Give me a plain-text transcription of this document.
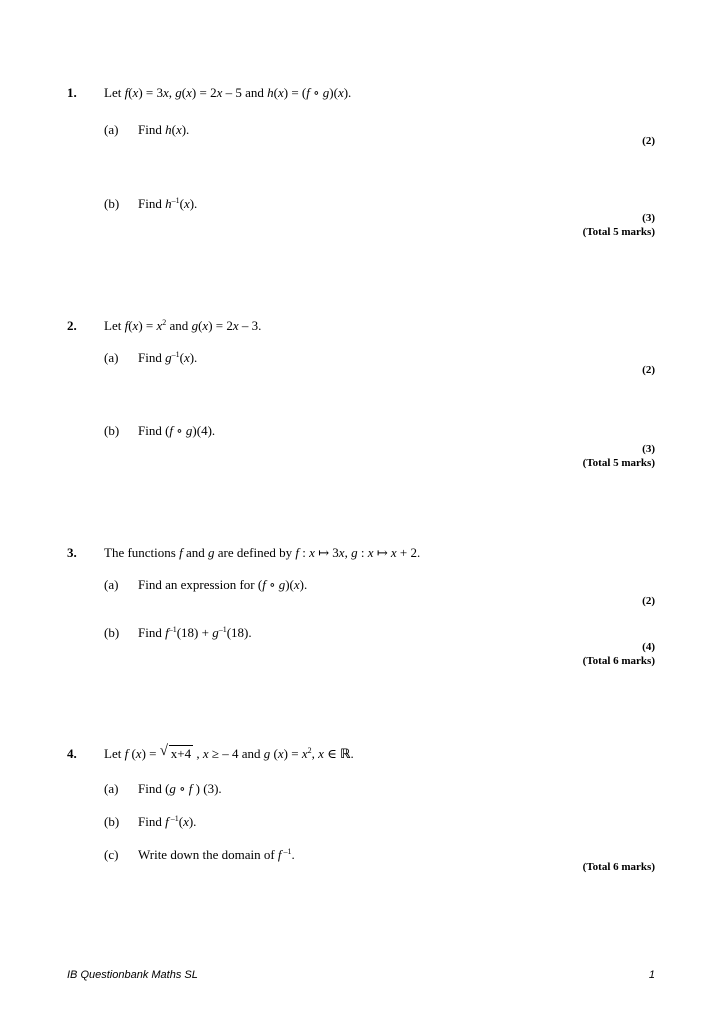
1. Let f(x) = 3x, g(x) = 2x – 5 and h(x) = (f ∘ g)(x).
(a) Find h(x).
(2)
(b) Find $h^{-1}(x)$.
(3)
(Total 5 marks)
2. Let $f(x) = x^2$ and g(x) = 2x – 3.
(a) Find $g^{-1}(x)$.
(2)
(b) Find (f ∘ g)(4).
(3)
(Total 5 marks)
3. The functions f and g are defined by f : x ↦ 3x, g : x ↦ x + 2.
(a) Find an expression for (f ∘ g)(x).
(2)
(b) Find $f^{-1}(18) + g^{-1}(18)$.
(4)
(Total 6 marks)
4. Let f (x) = √ x+4 , x ≥ – 4 and g $(x) = x^2$, x ∈ ℝ.
(a) Find (g ∘ f ) (3).
(b) Find f $^{-1}$(x).
(c) Write down the domain of f $^{-1}$.
(Total 6 marks)
IB Questionbank Maths SL	1
